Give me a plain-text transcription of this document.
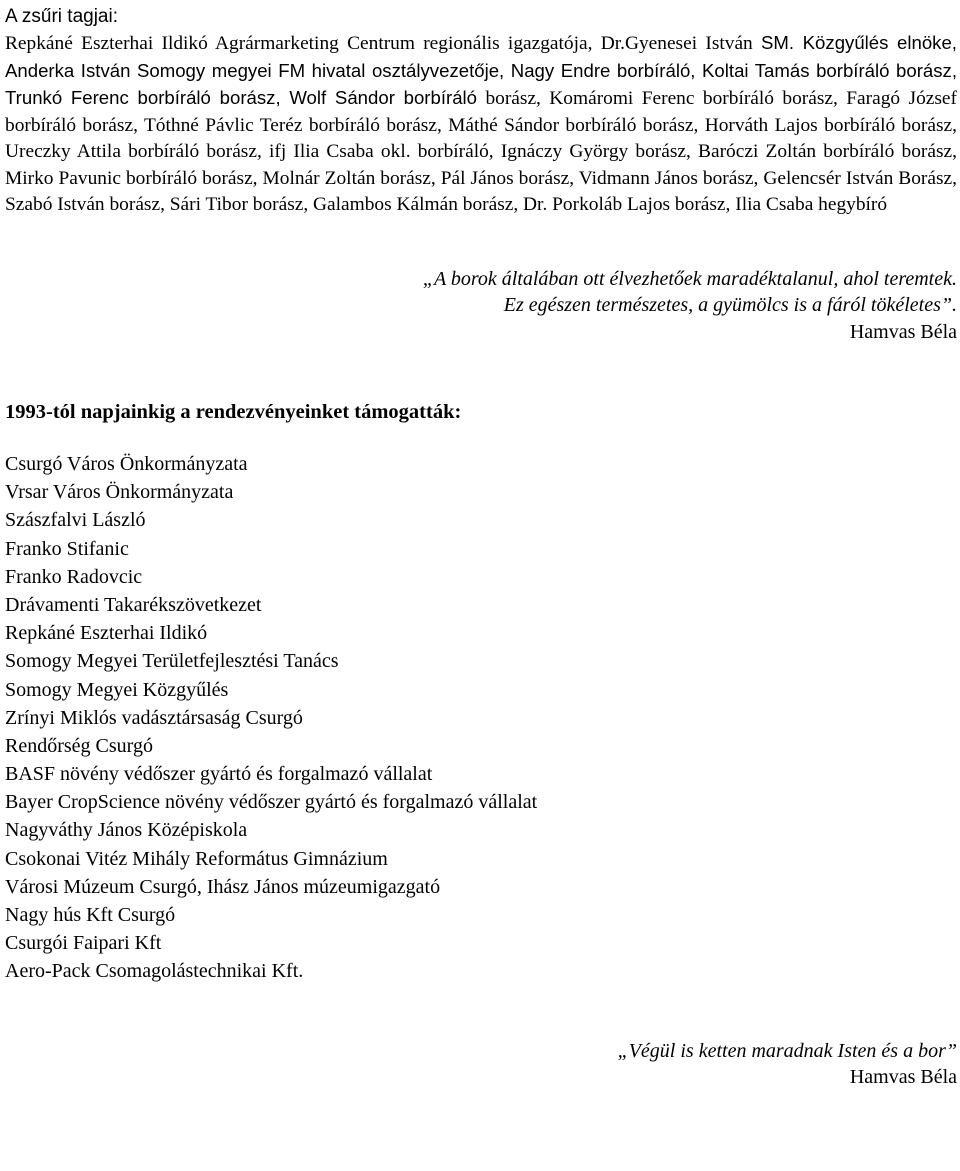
A zsűri tagjai:

Repkáné Eszterhai Ildikó Agrármarketing Centrum regionális igazgatója, Dr.Gyenesei István SM. Közgyűlés elnöke, Anderka István Somogy megyei FM hivatal osztályvezetője, Nagy Endre borbíráló, Koltai Tamás borbíráló borász, Trunkó Ferenc borbíráló borász, Wolf Sándor borbíráló borász, Komáromi Ferenc borbíráló borász, Faragó József borbíráló borász, Tóthné Pávlic Teréz borbíráló borász, Máthé Sándor borbíráló borász, Horváth Lajos borbíráló borász, Ureczky Attila borbíráló borász, ifj Ilia Csaba okl. borbíráló, Ignáczy György borász, Baróczi Zoltán borbíráló borász, Mirko Pavunic borbíráló borász, Molnár Zoltán borász, Pál János borász, Vidmann János borász, Gelencsér István Borász, Szabó István borász, Sári Tibor borász, Galambos Kálmán borász, Dr. Porkoláb Lajos borász, Ilia Csaba hegybíró

„A borok általában ott élvezhetőek maradéktalanul, ahol teremtek.
Ez egészen természetes, a gyümölcs is a fáról tökéletes”.
Hamvas Béla
1993-tól napjainkig a rendezvényeinket támogatták:
Csurgó Város Önkormányzata
Vrsar Város Önkormányzata
Szászfalvi László
Franko Stifanic
Franko Radovcic
Drávamenti Takarékszövetkezet
Repkáné Eszterhai Ildikó
Somogy Megyei Területfejlesztési Tanács
Somogy Megyei Közgyűlés
Zrínyi Miklós vadásztársaság Csurgó
Rendőrség Csurgó
BASF növény védőszer gyártó és forgalmazó vállalat
Bayer CropScience növény védőszer gyártó és forgalmazó vállalat
Nagyváthy János Középiskola
Csokonai Vitéz Mihály Református Gimnázium
Városi Múzeum Csurgó, Ihász János múzeumigazgató
Nagy hús Kft Csurgó
Csurgói Faipari Kft
Aero-Pack Csomagolástechnikai Kft.
„Végül is ketten maradnak Isten és a bor”
Hamvas Béla
